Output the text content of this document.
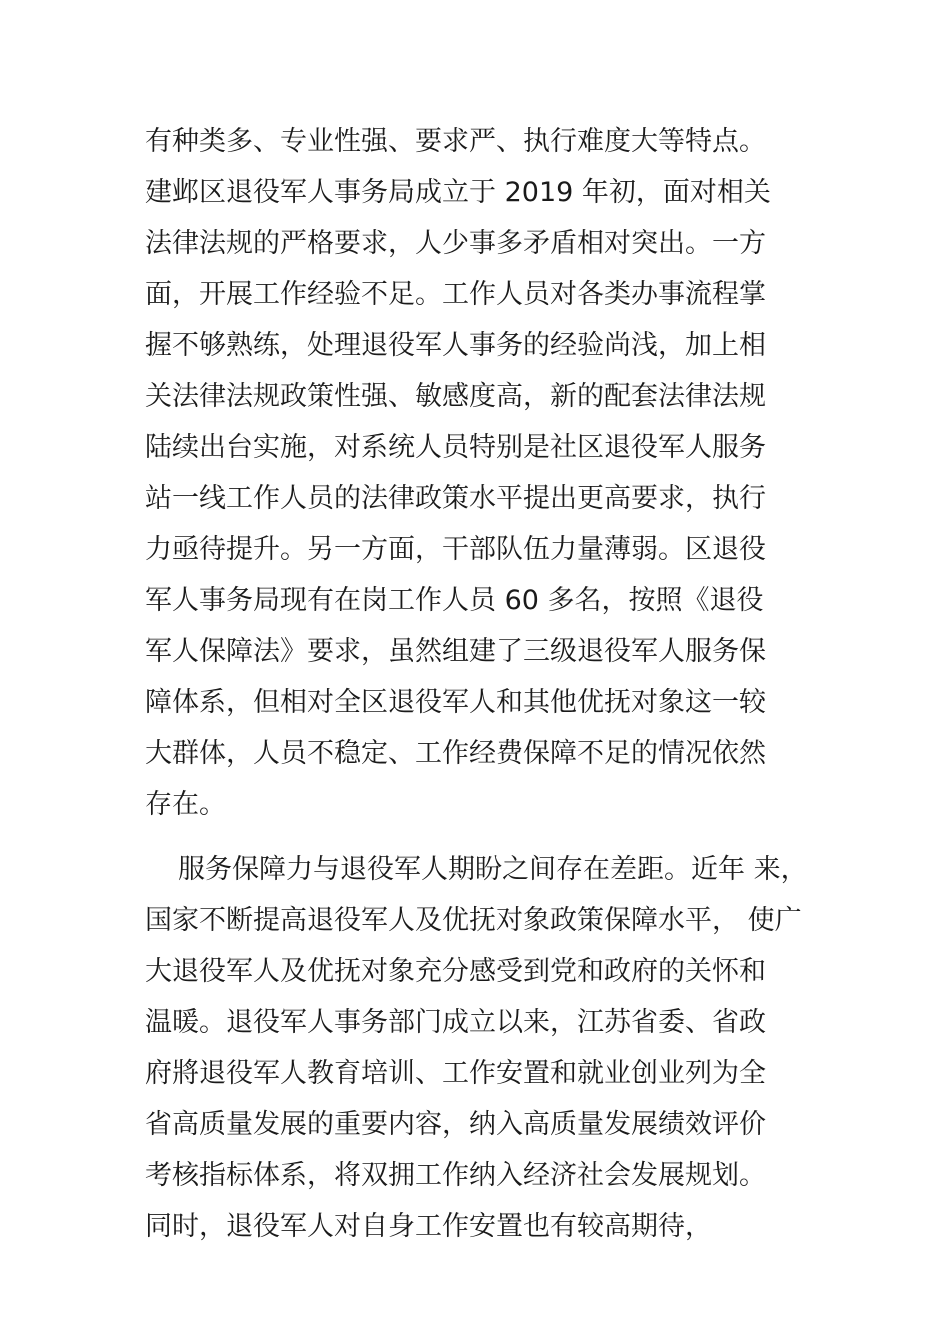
有种类多、专业性强、要求严、执行难度大等特点。
建邺区退役军人事务局成立于 2019 年初，面对相关
法律法规的严格要求，人少事多矛盾相对突出。一方
面，开展工作经验不足。工作人员对各类办事流程掌
握不够熟练，处理退役军人事务的经验尚浅，加上相
关法律法规政策性强、敏感度高，新的配套法律法规
陆续出台实施，对系统人员特别是社区退役军人服务
站一线工作人员的法律政策水平提出更高要求，执行
力亟待提升。另一方面，干部队伍力量薄弱。区退役
军人事务局现有在岗工作人员 60 多名，按照《退役
军人保障法》要求，虽然组建了三级退役军人服务保
障体系，但相对全区退役军人和其他优抚对象这一较
大群体，人员不稳定、工作经费保障不足的情况依然
存在。
服务保障力与退役军人期盼之间存在差距。近年 来，
国家不断提高退役军人及优抚对象政策保障水平， 使广
大退役军人及优抚对象充分感受到党和政府的关怀和
温暖。退役军人事务部门成立以来，江苏省委、省政
府將退役军人教育培训、工作安置和就业创业列为全
省高质量发展的重要内容，纳入高质量发展绩效评价
考核指标体系，将双拥工作纳入经济社会发展规划。
同时，退役军人对自身工作安置也有较高期待，
